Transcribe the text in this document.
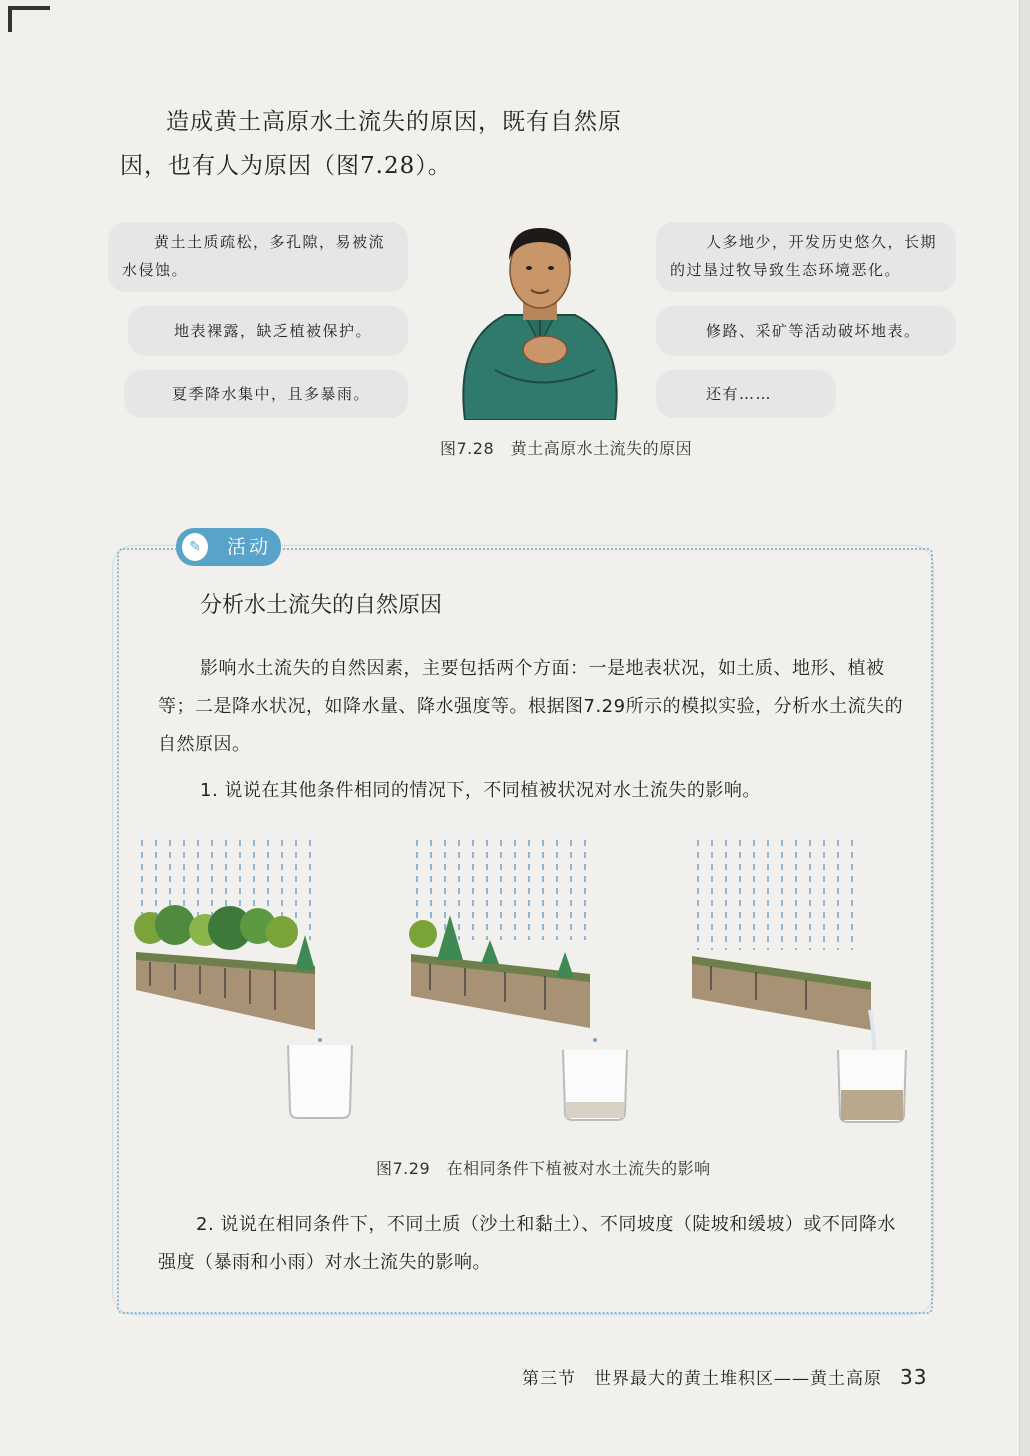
造成黄土高原水土流失的原因，既有自然原
因，也有人为原因（图7.28）。
黄土土质疏松，多孔隙，易被流水侵蚀。
地表裸露，缺乏植被保护。
夏季降水集中，且多暴雨。
人多地少，开发历史悠久，长期的过垦过牧导致生态环境恶化。
修路、采矿等活动破坏地表。
还有……
图7.28　黄土高原水土流失的原因
✎	活动
分析水土流失的自然原因
影响水土流失的自然因素，主要包括两个方面：一是地表状况，如土质、地形、植被等；二是降水状况，如降水量、降水强度等。根据图7.29所示的模拟实验，分析水土流失的自然原因。
1. 说说在其他条件相同的情况下，不同植被状况对水土流失的影响。
图7.29　在相同条件下植被对水土流失的影响
2. 说说在相同条件下，不同土质（沙土和黏土）、不同坡度（陡坡和缓坡）或不同降水强度（暴雨和小雨）对水土流失的影响。
第三节　世界最大的黄土堆积区——黄土高原 33
